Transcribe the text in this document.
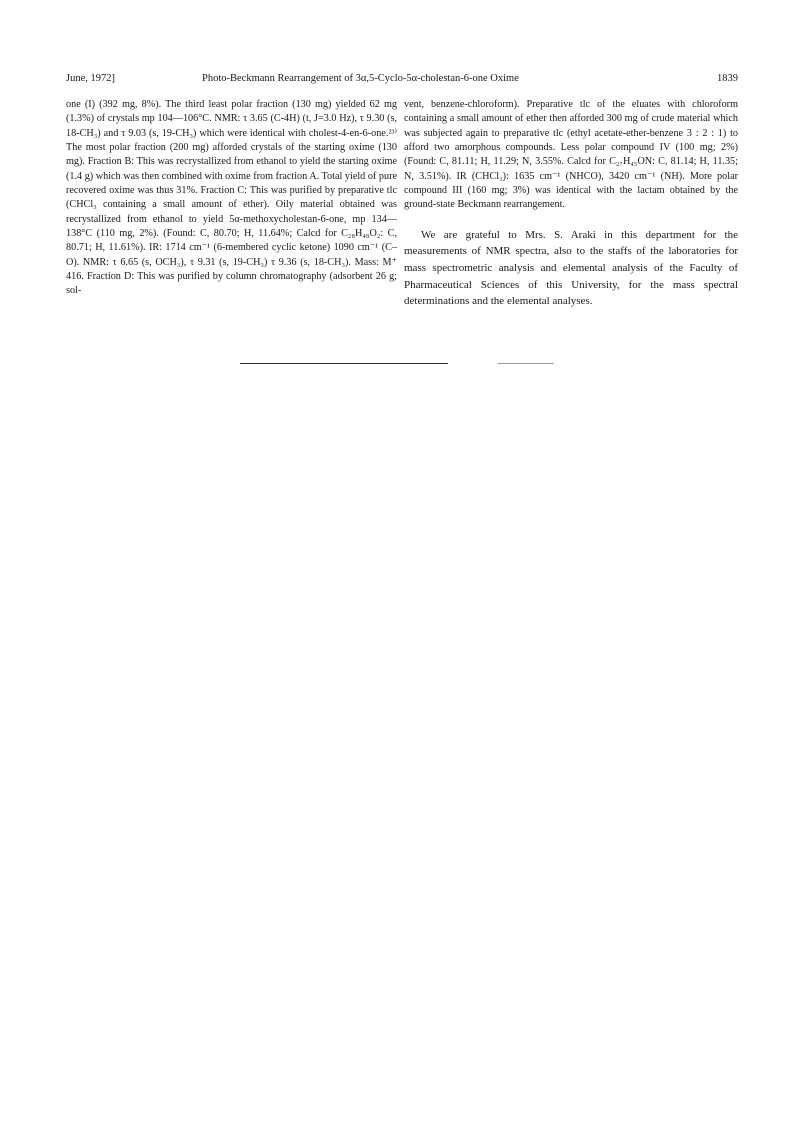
June, 1972]	Photo-Beckmann Rearrangement of 3α,5-Cyclo-5α-cholestan-6-one Oxime	1839

one (I) (392 mg, 8%). The third least polar fraction (130 mg) yielded 62 mg (1.3%) of crystals mp 104—106°C. NMR: τ 3.65 (C-4H) (t, J=3.0 Hz), τ 9.30 (s, 18-CH₃) and τ 9.03 (s, 19-CH₃) which were identical with cholest-4-en-6-one.²³⁾ The most polar fraction (200 mg) afforded crystals of the starting oxime (130 mg). Fraction B: This was recrystallized from ethanol to yield the starting oxime (1.4 g) which was then combined with oxime from fraction A. Total yield of pure recovered oxime was thus 31%. Fraction C: This was purified by preparative tlc (CHCl₃ containing a small amount of ether). Oily material obtained was recrystallized from ethanol to yield 5α-methoxycholestan-6-one, mp 134—138°C (110 mg, 2%). (Found: C, 80.70; H, 11.64%; Calcd for C₂₈H₄₈O₂: C, 80.71; H, 11.61%). IR: 1714 cm⁻¹ (6-membered cyclic ketone) 1090 cm⁻¹ (C–O). NMR: τ 6.65 (s, OCH₃), τ 9.31 (s, 19-CH₃) τ 9.36 (s, 18-CH₃). Mass: M⁺ 416. Fraction D: This was purified by column chromatography (adsorbent 26 g; sol-

vent, benzene-chloroform). Preparative tlc of the eluates with chloroform containing a small amount of ether then afforded 300 mg of crude material which was subjected again to preparative tlc (ethyl acetate-ether-benzene 3 : 2 : 1) to afford two amorphous compounds. Less polar compound IV (100 mg; 2%) (Found: C, 81.11; H, 11.29; N, 3.55%. Calcd for C₂₇H₄₅ON: C, 81.14; H, 11.35; N, 3.51%). IR (CHCl₃): 1635 cm⁻¹ (NHCO), 3420 cm⁻¹ (NH). More polar compound III (160 mg; 3%) was identical with the lactam obtained by the ground-state Beckmann rearrangement.

We are grateful to Mrs. S. Araki in this department for the measurements of NMR spectra, also to the staffs of the laboratories for mass spectrometric analysis and elemental analysis of the Faculty of Pharmaceutical Sciences of this University, for the mass spectral determinations and the elemental analyses.
